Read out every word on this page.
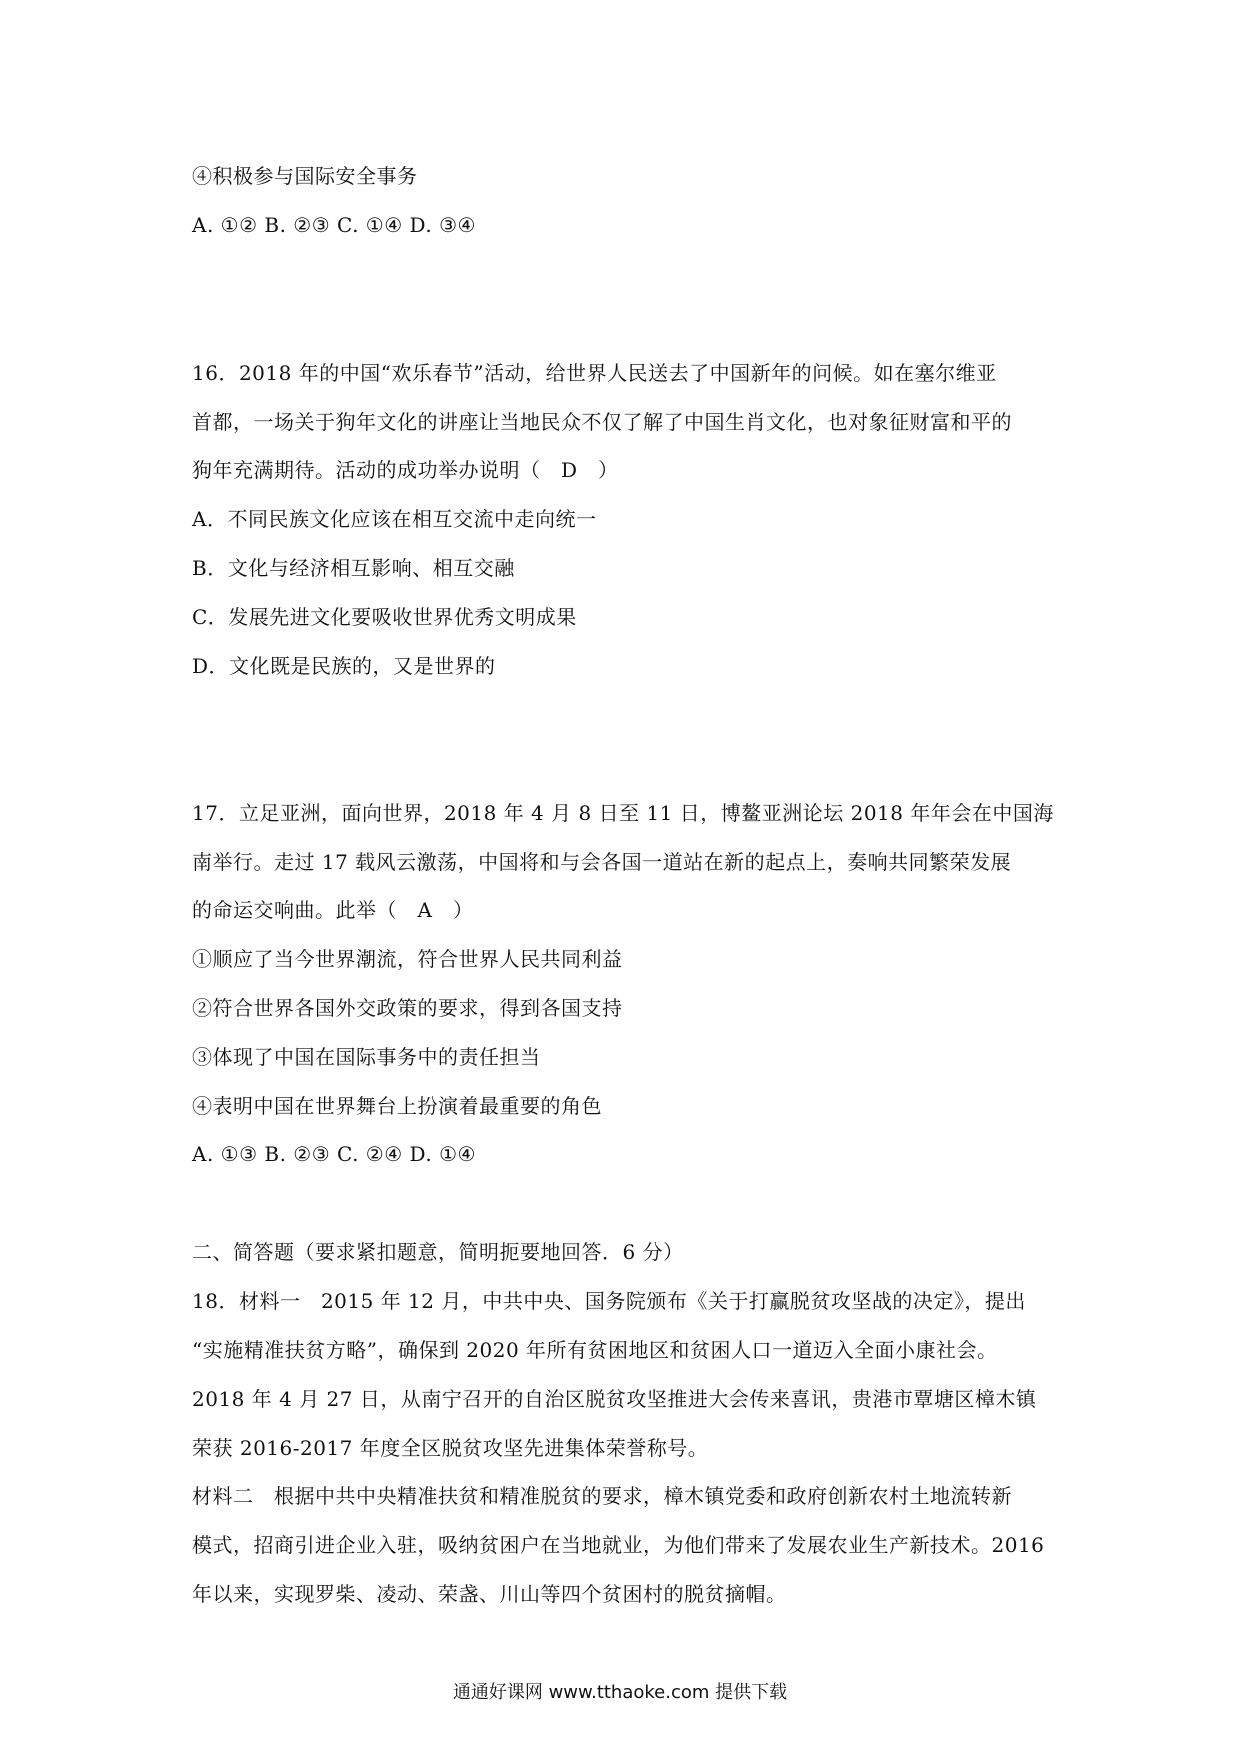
④积极参与国际安全事务
A. ①② B. ②③ C. ①④ D. ③④
16．2018 年的中国“欢乐春节”活动，给世界人民送去了中国新年的问候。如在塞尔维亚
首都，一场关于狗年文化的讲座让当地民众不仅了解了中国生肖文化，也对象征财富和平的
狗年充满期待。活动的成功举办说明（　D　）
A．不同民族文化应该在相互交流中走向统一
B．文化与经济相互影响、相互交融
C．发展先进文化要吸收世界优秀文明成果
D．文化既是民族的，又是世界的
17．立足亚洲，面向世界，2018 年 4 月 8 日至 11 日，博鳌亚洲论坛 2018 年年会在中国海
南举行。走过 17 载风云激荡，中国将和与会各国一道站在新的起点上，奏响共同繁荣发展
的命运交响曲。此举（　A　）
①顺应了当今世界潮流，符合世界人民共同利益
②符合世界各国外交政策的要求，得到各国支持
③体现了中国在国际事务中的责任担当
④表明中国在世界舞台上扮演着最重要的角色
A. ①③ B. ②③ C. ②④ D. ①④
二、简答题（要求紧扣题意，简明扼要地回答．6 分）
18．材料一　2015 年 12 月，中共中央、国务院颁布《关于打赢脱贫攻坚战的决定》，提出
“实施精准扶贫方略”，确保到 2020 年所有贫困地区和贫困人口一道迈入全面小康社会。
2018 年 4 月 27 日，从南宁召开的自治区脱贫攻坚推进大会传来喜讯，贵港市覃塘区樟木镇
荣获 2016-2017 年度全区脱贫攻坚先进集体荣誉称号。
材料二　根据中共中央精准扶贫和精准脱贫的要求，樟木镇党委和政府创新农村土地流转新
模式，招商引进企业入驻，吸纳贫困户在当地就业，为他们带来了发展农业生产新技术。2016
年以来，实现罗柴、凌动、荣盏、川山等四个贫困村的脱贫摘帽。
通通好课网 www.tthaoke.com 提供下载
